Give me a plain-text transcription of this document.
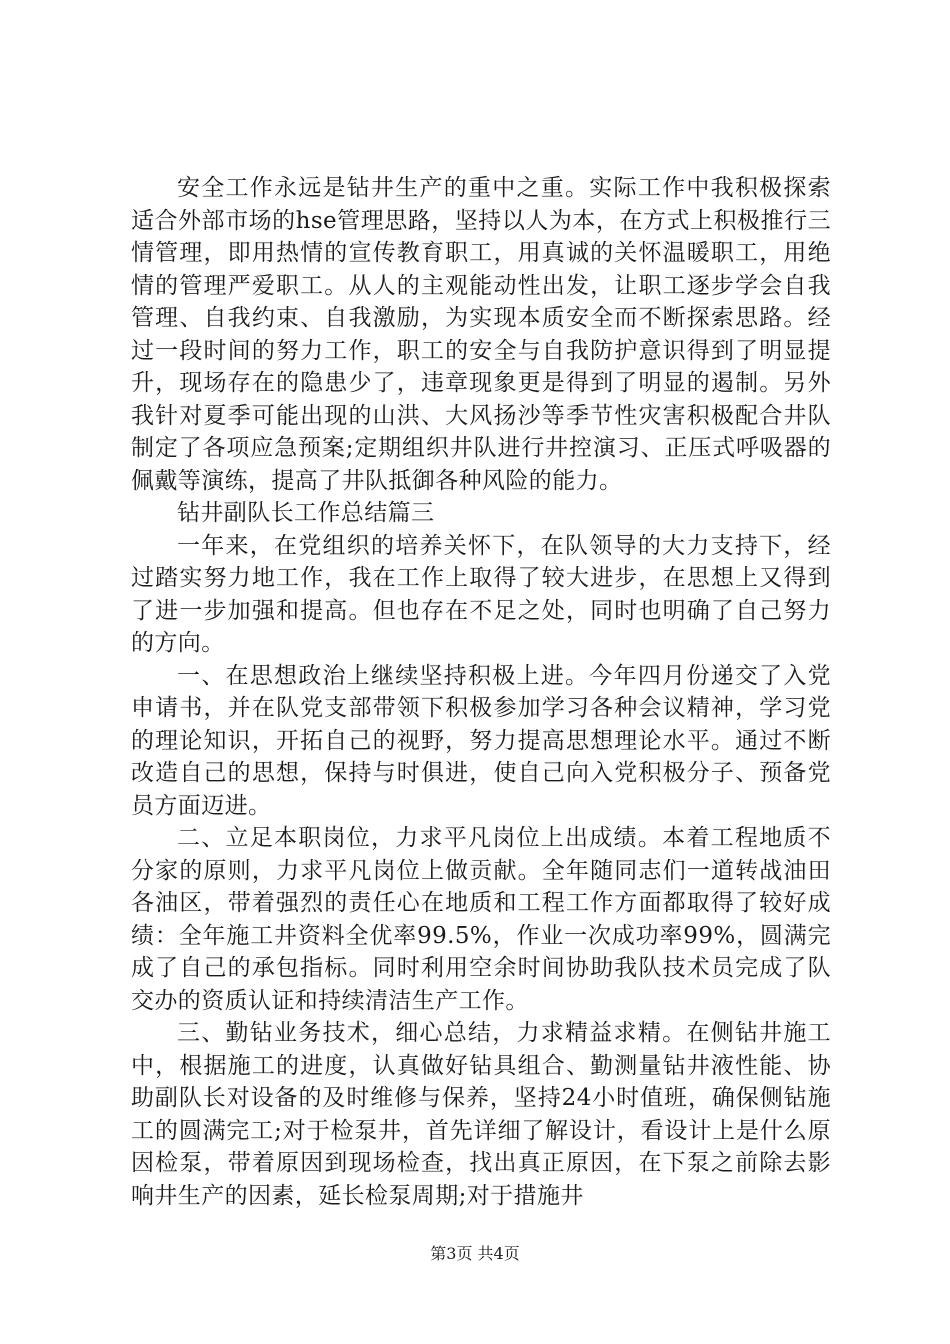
安全工作永远是钻井生产的重中之重。实际工作中我积极探索适合外部市场的hse管理思路，坚持以人为本，在方式上积极推行三情管理，即用热情的宣传教育职工，用真诚的关怀温暖职工，用绝情的管理严爱职工。从人的主观能动性出发，让职工逐步学会自我管理、自我约束、自我激励，为实现本质安全而不断探索思路。经过一段时间的努力工作，职工的安全与自我防护意识得到了明显提升，现场存在的隐患少了，违章现象更是得到了明显的遏制。另外我针对夏季可能出现的山洪、大风扬沙等季节性灾害积极配合井队制定了各项应急预案;定期组织井队进行井控演习、正压式呼吸器的佩戴等演练，提高了井队抵御各种风险的能力。

钻井副队长工作总结篇三

一年来，在党组织的培养关怀下，在队领导的大力支持下，经过踏实努力地工作，我在工作上取得了较大进步，在思想上又得到了进一步加强和提高。但也存在不足之处，同时也明确了自己努力的方向。

一、在思想政治上继续坚持积极上进。今年四月份递交了入党申请书，并在队党支部带领下积极参加学习各种会议精神，学习党的理论知识，开拓自己的视野，努力提高思想理论水平。通过不断改造自己的思想，保持与时俱进，使自己向入党积极分子、预备党员方面迈进。

二、立足本职岗位，力求平凡岗位上出成绩。本着工程地质不分家的原则，力求平凡岗位上做贡献。全年随同志们一道转战油田各油区，带着强烈的责任心在地质和工程工作方面都取得了较好成绩：全年施工井资料全优率99.5%，作业一次成功率99%，圆满完成了自己的承包指标。同时利用空余时间协助我队技术员完成了队交办的资质认证和持续清洁生产工作。

三、勤钻业务技术，细心总结，力求精益求精。在侧钻井施工中，根据施工的进度，认真做好钻具组合、勤测量钻井液性能、协助副队长对设备的及时维修与保养，坚持24小时值班，确保侧钻施工的圆满完工;对于检泵井，首先详细了解设计，看设计上是什么原因检泵，带着原因到现场检查，找出真正原因，在下泵之前除去影响井生产的因素，延长检泵周期;对于措施井

第3页 共4页
